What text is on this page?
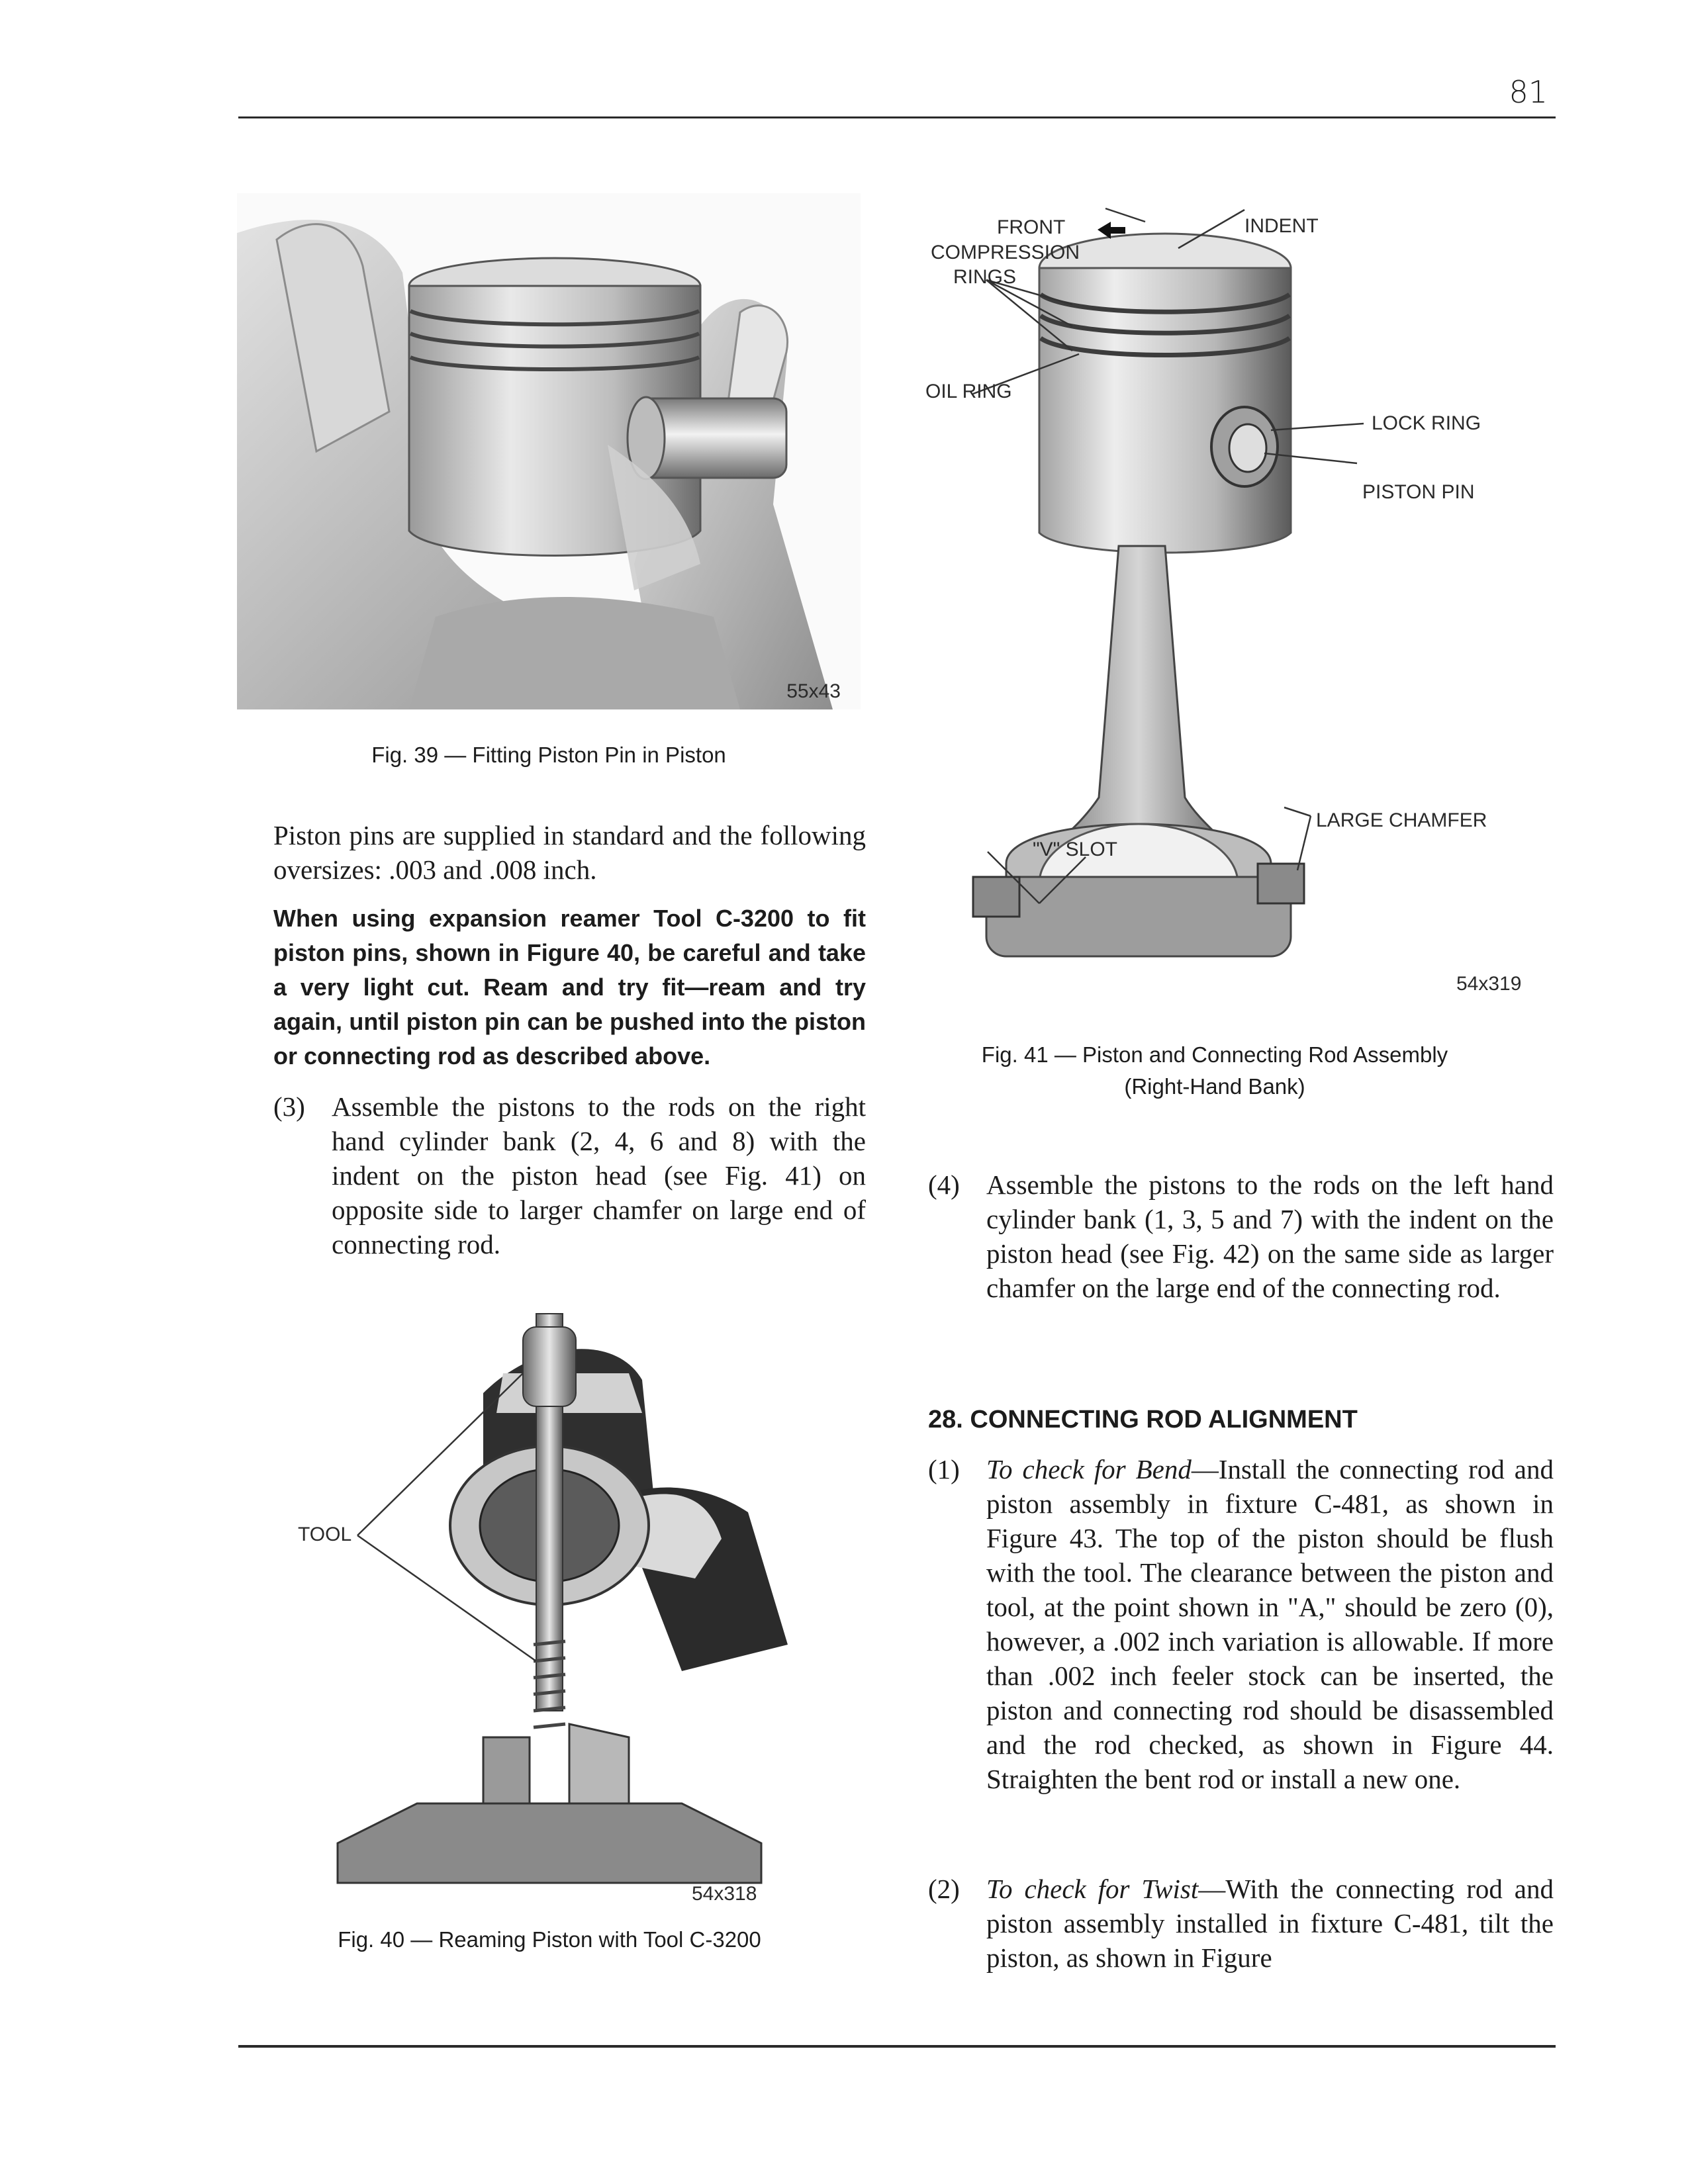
81
55x43
Fig. 39 — Fitting Piston Pin in Piston
FRONT	INDENT
COMPRESSION
RINGS
OIL RING
LOCK RING
PISTON PIN
"V" SLOT
LARGE CHAMFER
54x319
Fig. 41 — Piston and Connecting Rod Assembly
(Right-Hand Bank)

Piston pins are supplied in standard and the following oversizes: .003 and .008 inch.

When using expansion reamer Tool C-3200 to fit piston pins, shown in Figure 40, be careful and take a very light cut. Ream and try fit—ream and try again, until piston pin can be pushed into the piston or connecting rod as described above.

(3) Assemble the pistons to the rods on the right hand cylinder bank (2, 4, 6 and 8) with the indent on the piston head (see Fig. 41) on opposite side to larger chamfer on large end of connecting rod.
TOOL
54x318
Fig. 40 — Reaming Piston with Tool C-3200
(4) Assemble the pistons to the rods on the left hand cylinder bank (1, 3, 5 and 7) with the indent on the piston head (see Fig. 42) on the same side as larger chamfer on the large end of the connecting rod.
28. CONNECTING ROD ALIGNMENT
(1) To check for Bend—Install the connecting rod and piston assembly in fixture C-481, as shown in Figure 43. The top of the piston should be flush with the tool. The clearance between the piston and tool, at the point shown in "A," should be zero (0), however, a .002 inch variation is allowable. If more than .002 inch feeler stock can be inserted, the piston and connecting rod should be disassembled and the rod checked, as shown in Figure 44. Straighten the bent rod or install a new one.
(2) To check for Twist—With the connecting rod and piston assembly installed in fixture C-481, tilt the piston, as shown in Figure
